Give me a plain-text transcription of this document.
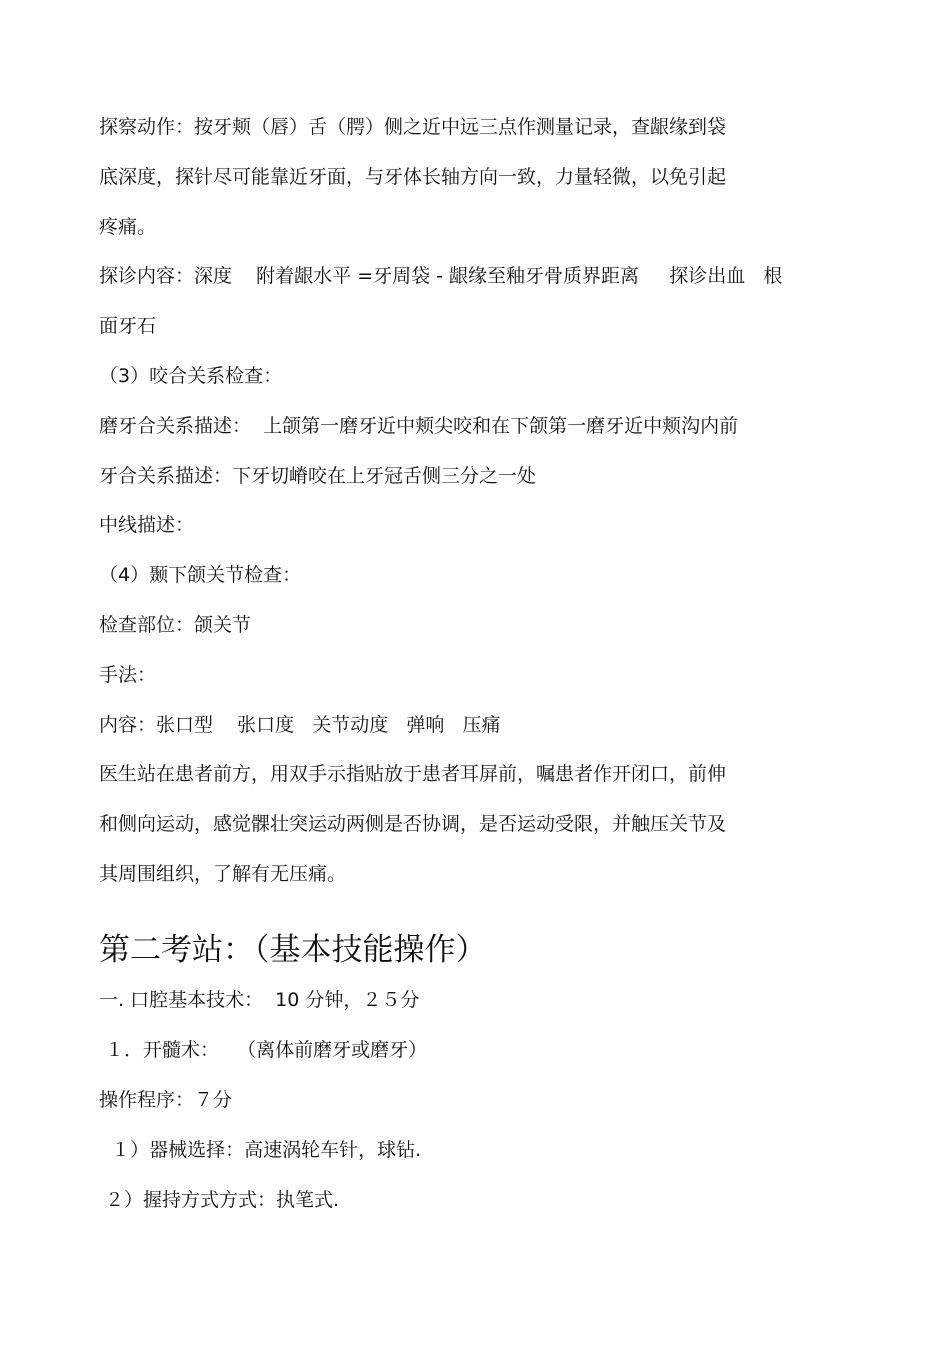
探察动作：按牙颊（唇）舌（腭）侧之近中远三点作测量记录，查龈缘到袋

底深度，探针尽可能靠近牙面，与牙体长轴方向一致，力量轻微，以免引起

疼痛。

探诊内容：深度    附着龈水平 =牙周袋 - 龈缘至釉牙骨质界距离     探诊出血   根

面牙石

（3）咬合关系检查：

磨牙合关系描述：  上颌第一磨牙近中颊尖咬和在下颌第一磨牙近中颊沟内前

牙合关系描述：下牙切嵴咬在上牙冠舌侧三分之一处

中线描述：

（4）颞下颌关节检查：

检查部位：颌关节

手法：

内容：张口型    张口度   关节动度   弹响   压痛

医生站在患者前方，用双手示指贴放于患者耳屏前，嘱患者作开闭口，前伸

和侧向运动，感觉髁壮突运动两侧是否协调，是否运动受限，并触压关节及

其周围组织，了解有无压痛。

第二考站：（基本技能操作）

一. 口腔基本技术：  10 分钟，２５分

１．开髓术：   （离体前磨牙或磨牙）

操作程序：７分

１）器械选择：高速涡轮车针，球钻.

２）握持方式方式：执笔式.
